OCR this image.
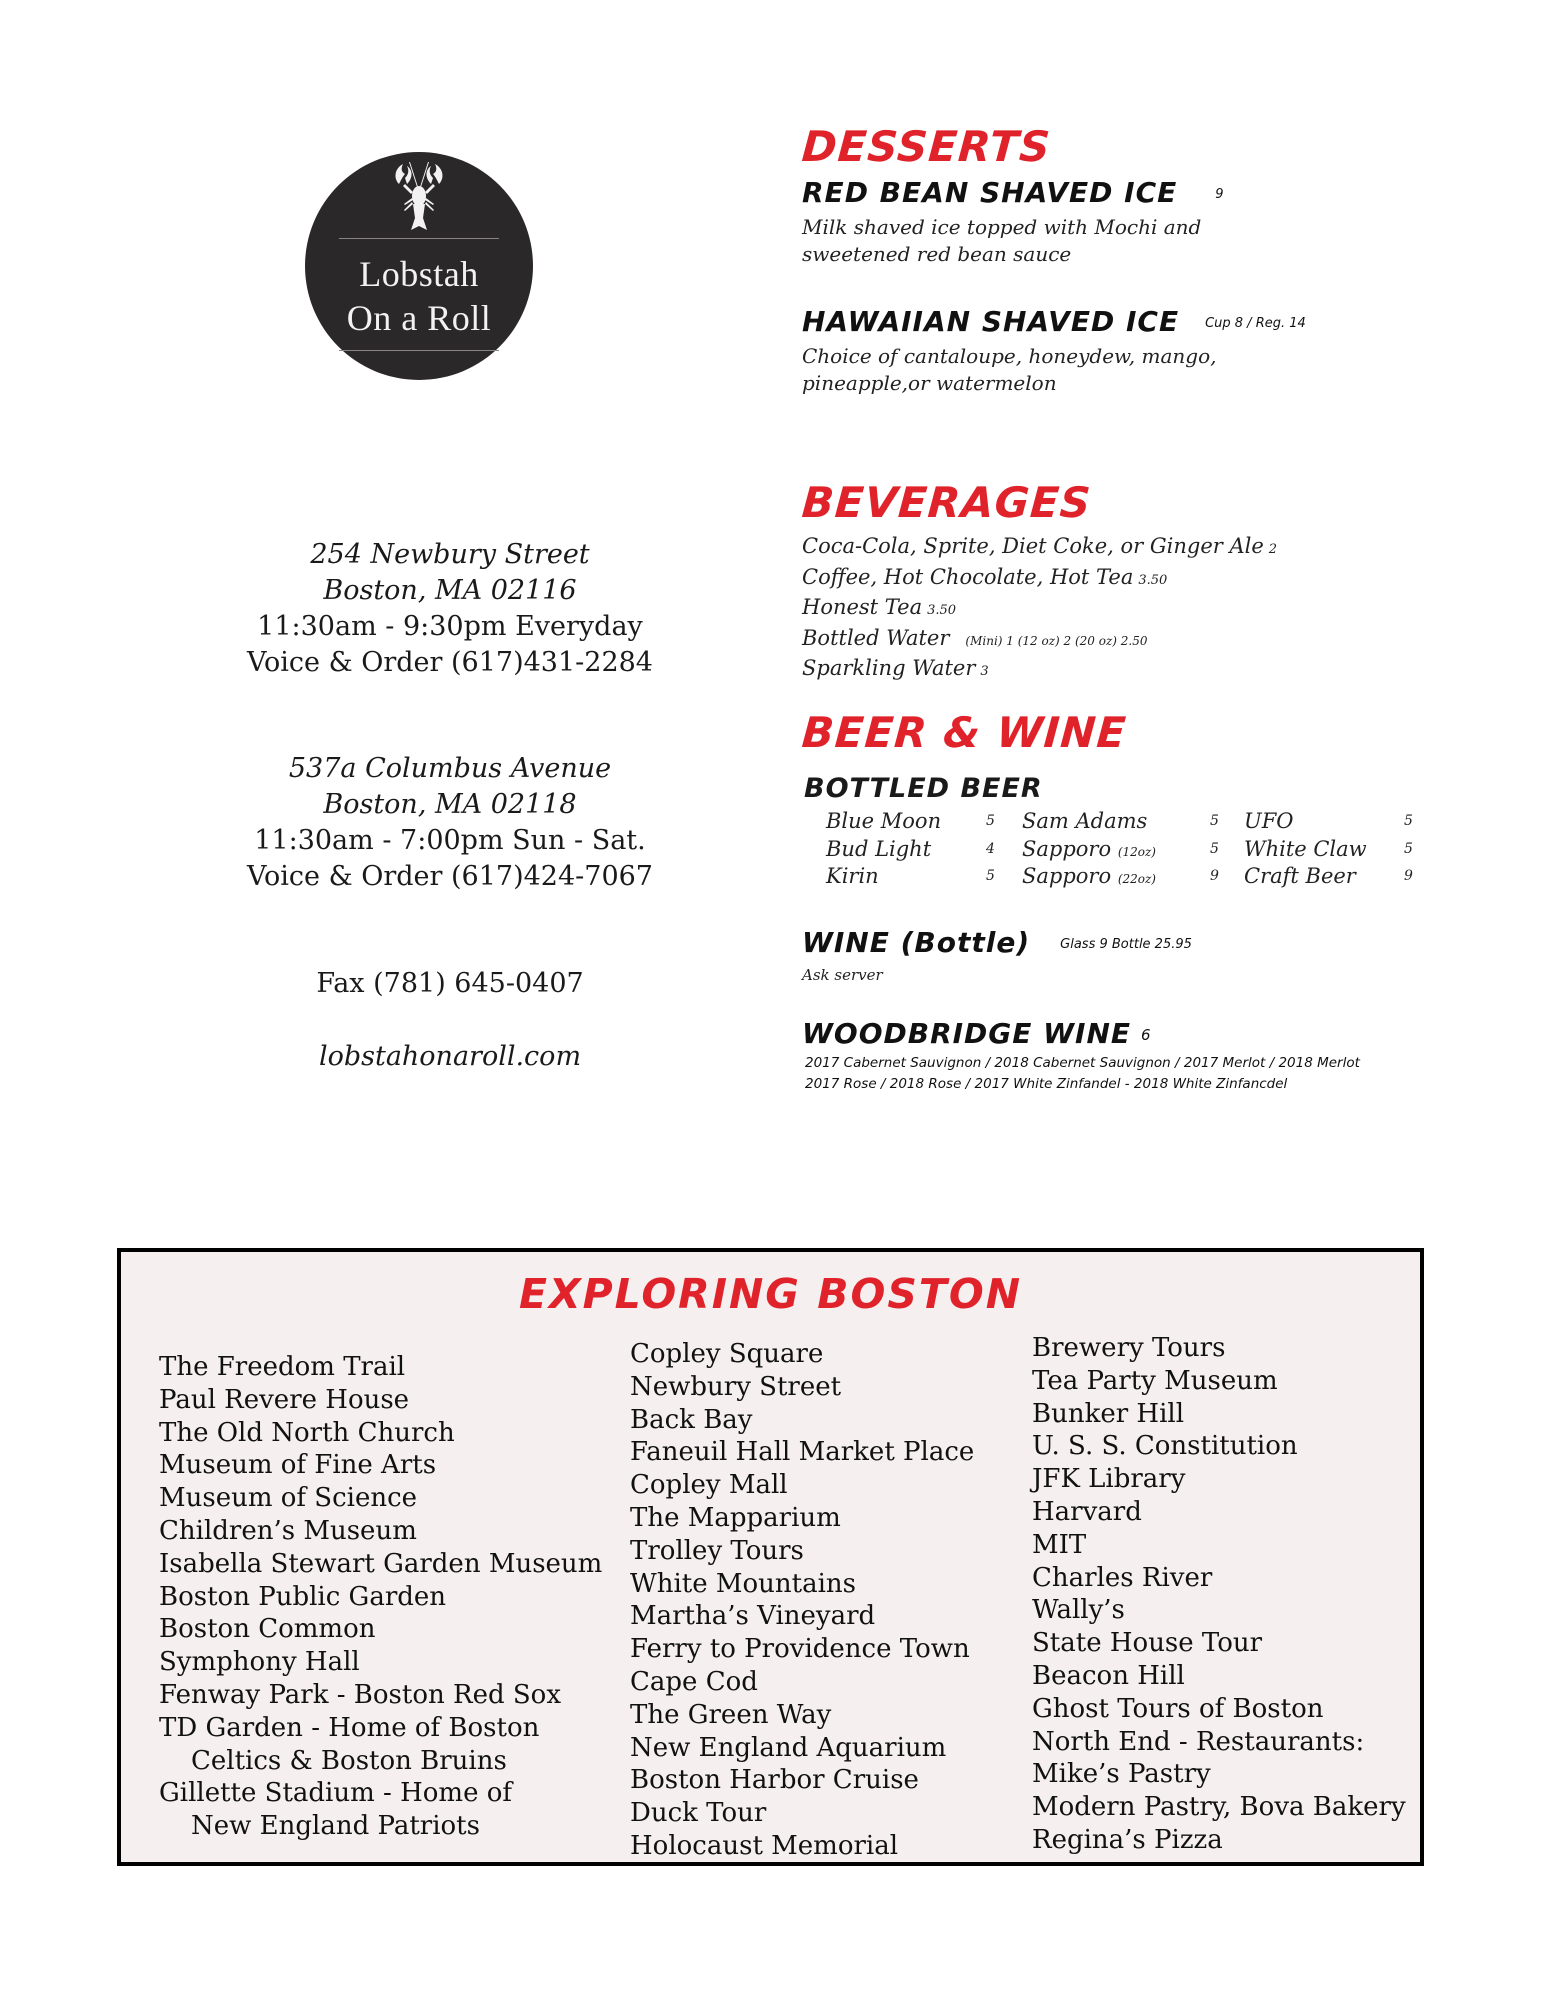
Lobstah
On a Roll
254 Newbury Street
Boston, MA 02116
11:30am - 9:30pm Everyday
Voice & Order (617)431-2284
537a Columbus Avenue
Boston, MA 02118
11:30am - 7:00pm Sun - Sat.
Voice & Order (617)424-7067
Fax (781) 645-0407
lobstahonaroll.com
DESSERTS
RED BEAN SHAVED ICE	9
Milk shaved ice topped with Mochi and
sweetened red bean sauce
HAWAIIAN SHAVED ICE Cup 8 / Reg. 14
Choice of cantaloupe, honeydew, mango,
pineapple,or watermelon
BEVERAGES
Coca-Cola, Sprite, Diet Coke, or Ginger Ale 2
Coffee, Hot Chocolate, Hot Tea 3.50
Honest Tea 3.50
Bottled Water (Mini) 1 (12 oz) 2 (20 oz) 2.50
Sparkling Water 3
BEER & WINE
BOTTLED BEER
Blue Moon	5
Bud Light	4
Kirin	5
Sam Adams	5
Sapporo (12oz)	5
Sapporo (22oz)	9
UFO	5
White Claw	5
Craft Beer	9
WINE (Bottle) Glass 9 Bottle 25.95
Ask server
WOODBRIDGE WINE 6
2017 Cabernet Sauvignon / 2018 Cabernet Sauvignon / 2017 Merlot / 2018 Merlot
2017 Rose / 2018 Rose / 2017 White Zinfandel - 2018 White Zinfancdel
EXPLORING BOSTON
The Freedom Trail
Paul Revere House
The Old North Church
Museum of Fine Arts
Museum of Science
Children’s Museum
Isabella Stewart Garden Museum
Boston Public Garden
Boston Common
Symphony Hall
Fenway Park - Boston Red Sox
TD Garden - Home of Boston
Celtics & Boston Bruins
Gillette Stadium - Home of
New England Patriots
Copley Square
Newbury Street
Back Bay
Faneuil Hall Market Place
Copley Mall
The Mapparium
Trolley Tours
White Mountains
Martha’s Vineyard
Ferry to Providence Town
Cape Cod
The Green Way
New England Aquarium
Boston Harbor Cruise
Duck Tour
Holocaust Memorial
Brewery Tours
Tea Party Museum
Bunker Hill
U. S. S. Constitution
JFK Library
Harvard
MIT
Charles River
Wally’s
State House Tour
Beacon Hill
Ghost Tours of Boston
North End - Restaurants:
Mike’s Pastry
Modern Pastry, Bova Bakery
Regina’s Pizza
